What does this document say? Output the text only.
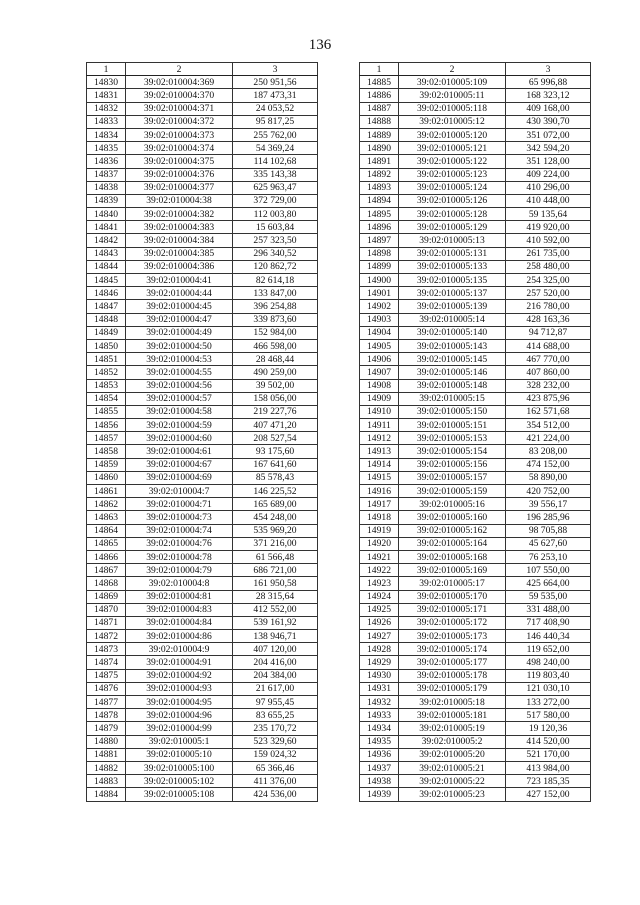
136
1	2	3
14830	39:02:010004:369	250 951,56
14831	39:02:010004:370	187 473,31
14832	39:02:010004:371	24 053,52
14833	39:02:010004:372	95 817,25
14834	39:02:010004:373	255 762,00
14835	39:02:010004:374	54 369,24
14836	39:02:010004:375	114 102,68
14837	39:02:010004:376	335 143,38
14838	39:02:010004:377	625 963,47
14839	39:02:010004:38	372 729,00
14840	39:02:010004:382	112 003,80
14841	39:02:010004:383	15 603,84
14842	39:02:010004:384	257 323,50
14843	39:02:010004:385	296 340,52
14844	39:02:010004:386	120 862,72
14845	39:02:010004:41	82 614,18
14846	39:02:010004:44	133 847,00
14847	39:02:010004:45	396 254,88
14848	39:02:010004:47	339 873,60
14849	39:02:010004:49	152 984,00
14850	39:02:010004:50	466 598,00
14851	39:02:010004:53	28 468,44
14852	39:02:010004:55	490 259,00
14853	39:02:010004:56	39 502,00
14854	39:02:010004:57	158 056,00
14855	39:02:010004:58	219 227,76
14856	39:02:010004:59	407 471,20
14857	39:02:010004:60	208 527,54
14858	39:02:010004:61	93 175,60
14859	39:02:010004:67	167 641,60
14860	39:02:010004:69	85 578,43
14861	39:02:010004:7	146 225,52
14862	39:02:010004:71	165 689,00
14863	39:02:010004:73	454 248,00
14864	39:02:010004:74	535 969,20
14865	39:02:010004:76	371 216,00
14866	39:02:010004:78	61 566,48
14867	39:02:010004:79	686 721,00
14868	39:02:010004:8	161 950,58
14869	39:02:010004:81	28 315,64
14870	39:02:010004:83	412 552,00
14871	39:02:010004:84	539 161,92
14872	39:02:010004:86	138 946,71
14873	39:02:010004:9	407 120,00
14874	39:02:010004:91	204 416,00
14875	39:02:010004:92	204 384,00
14876	39:02:010004:93	21 617,00
14877	39:02:010004:95	97 955,45
14878	39:02:010004:96	83 655,25
14879	39:02:010004:99	235 170,72
14880	39:02:010005:1	523 329,60
14881	39:02:010005:10	159 024,32
14882	39:02:010005:100	65 366,46
14883	39:02:010005:102	411 376,00
14884	39:02:010005:108	424 536,00
1	2	3
14885	39:02:010005:109	65 996,88
14886	39:02:010005:11	168 323,12
14887	39:02:010005:118	409 168,00
14888	39:02:010005:12	430 390,70
14889	39:02:010005:120	351 072,00
14890	39:02:010005:121	342 594,20
14891	39:02:010005:122	351 128,00
14892	39:02:010005:123	409 224,00
14893	39:02:010005:124	410 296,00
14894	39:02:010005:126	410 448,00
14895	39:02:010005:128	59 135,64
14896	39:02:010005:129	419 920,00
14897	39:02:010005:13	410 592,00
14898	39:02:010005:131	261 735,00
14899	39:02:010005:133	258 480,00
14900	39:02:010005:135	254 325,00
14901	39:02:010005:137	257 520,00
14902	39:02:010005:139	216 780,00
14903	39:02:010005:14	428 163,36
14904	39:02:010005:140	94 712,87
14905	39:02:010005:143	414 688,00
14906	39:02:010005:145	467 770,00
14907	39:02:010005:146	407 860,00
14908	39:02:010005:148	328 232,00
14909	39:02:010005:15	423 875,96
14910	39:02:010005:150	162 571,68
14911	39:02:010005:151	354 512,00
14912	39:02:010005:153	421 224,00
14913	39:02:010005:154	83 208,00
14914	39:02:010005:156	474 152,00
14915	39:02:010005:157	58 890,00
14916	39:02:010005:159	420 752,00
14917	39:02:010005:16	39 556,17
14918	39:02:010005:160	196 285,96
14919	39:02:010005:162	98 705,88
14920	39:02:010005:164	45 627,60
14921	39:02:010005:168	76 253,10
14922	39:02:010005:169	107 550,00
14923	39:02:010005:17	425 664,00
14924	39:02:010005:170	59 535,00
14925	39:02:010005:171	331 488,00
14926	39:02:010005:172	717 408,90
14927	39:02:010005:173	146 440,34
14928	39:02:010005:174	119 652,00
14929	39:02:010005:177	498 240,00
14930	39:02:010005:178	119 803,40
14931	39:02:010005:179	121 030,10
14932	39:02:010005:18	133 272,00
14933	39:02:010005:181	517 580,00
14934	39:02:010005:19	19 120,36
14935	39:02:010005:2	414 520,00
14936	39:02:010005:20	521 170,00
14937	39:02:010005:21	413 984,00
14938	39:02:010005:22	723 185,35
14939	39:02:010005:23	427 152,00
